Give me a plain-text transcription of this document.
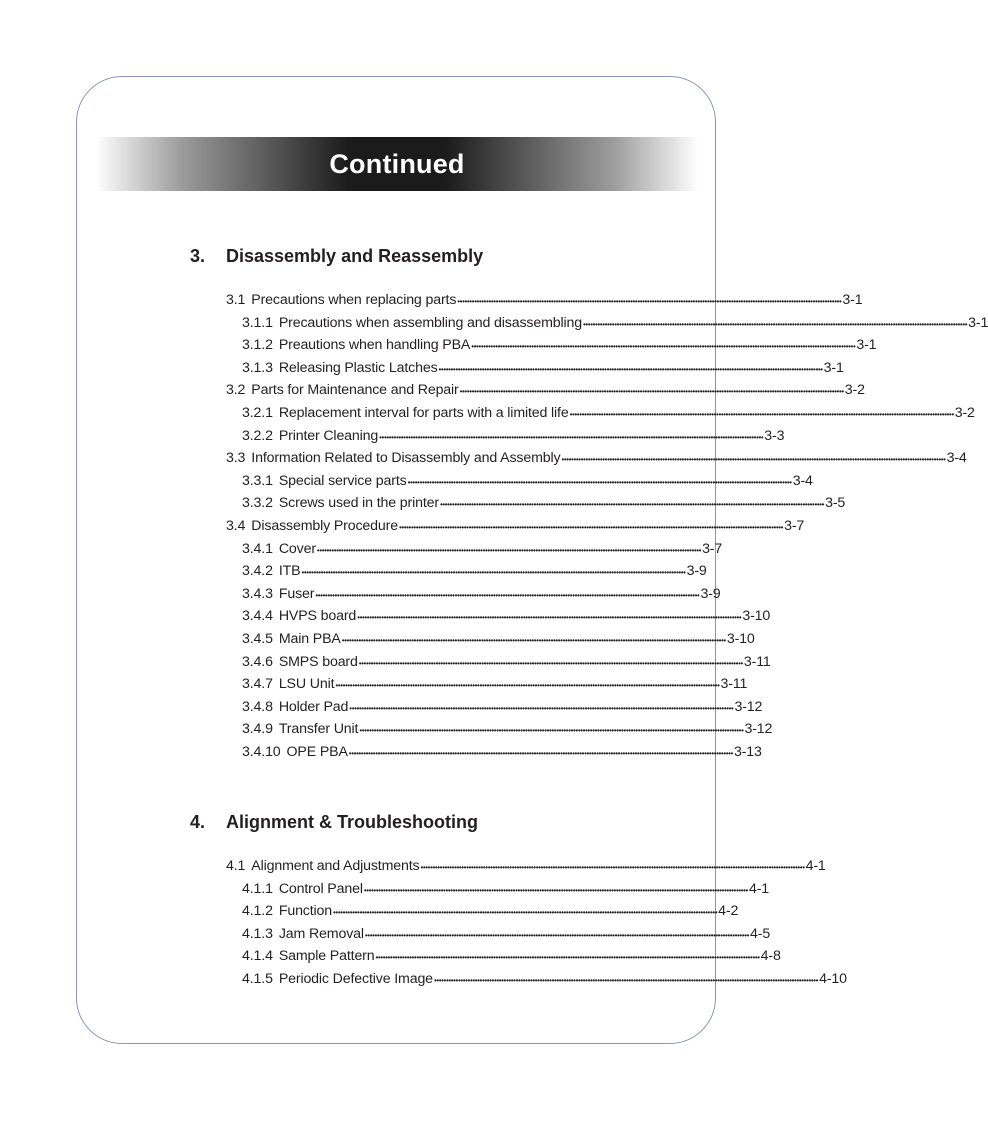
Continued
3.	Disassembly and Reassembly
3.1 Precautions when replacing parts •••••••••••••••••••••••••••••••••••••••••••••••••••••••••••••••••••••••••••••••••••••••••••••••••••••••••••••••••••••••••••••••••••••••••••••••••••••••••••••••• 3-1
3.1.1 Precautions when assembling and disassembling •••••••••••••••••••••••••••••••••••••••••••••••••••••••••••••••••••••••••••••••••••••••••••••••••••••••••••••••••••••••••••••••••••••••••••••••••••••••••••••••• 3-1
3.1.2 Preautions when handling PBA •••••••••••••••••••••••••••••••••••••••••••••••••••••••••••••••••••••••••••••••••••••••••••••••••••••••••••••••••••••••••••••••••••••••••••••••••••••••••••••••• 3-1
3.1.3 Releasing Plastic Latches •••••••••••••••••••••••••••••••••••••••••••••••••••••••••••••••••••••••••••••••••••••••••••••••••••••••••••••••••••••••••••••••••••••••••••••••••••••••••••••••• 3-1
3.2 Parts for Maintenance and Repair •••••••••••••••••••••••••••••••••••••••••••••••••••••••••••••••••••••••••••••••••••••••••••••••••••••••••••••••••••••••••••••••••••••••••••••••••••••••••••••••• 3-2
3.2.1 Replacement interval for parts with a limited life •••••••••••••••••••••••••••••••••••••••••••••••••••••••••••••••••••••••••••••••••••••••••••••••••••••••••••••••••••••••••••••••••••••••••••••••••••••••••••••••• 3-2
3.2.2 Printer Cleaning •••••••••••••••••••••••••••••••••••••••••••••••••••••••••••••••••••••••••••••••••••••••••••••••••••••••••••••••••••••••••••••••••••••••••••••••••••••••••••••••• 3-3
3.3 Information Related to Disassembly and Assembly •••••••••••••••••••••••••••••••••••••••••••••••••••••••••••••••••••••••••••••••••••••••••••••••••••••••••••••••••••••••••••••••••••••••••••••••••••••••••••••••• 3-4
3.3.1 Special service parts •••••••••••••••••••••••••••••••••••••••••••••••••••••••••••••••••••••••••••••••••••••••••••••••••••••••••••••••••••••••••••••••••••••••••••••••••••••••••••••••• 3-4
3.3.2 Screws used in the printer •••••••••••••••••••••••••••••••••••••••••••••••••••••••••••••••••••••••••••••••••••••••••••••••••••••••••••••••••••••••••••••••••••••••••••••••••••••••••••••••• 3-5
3.4 Disassembly Procedure •••••••••••••••••••••••••••••••••••••••••••••••••••••••••••••••••••••••••••••••••••••••••••••••••••••••••••••••••••••••••••••••••••••••••••••••••••••••••••••••• 3-7
3.4.1 Cover •••••••••••••••••••••••••••••••••••••••••••••••••••••••••••••••••••••••••••••••••••••••••••••••••••••••••••••••••••••••••••••••••••••••••••••••••••••••••••••••• 3-7
3.4.2 ITB •••••••••••••••••••••••••••••••••••••••••••••••••••••••••••••••••••••••••••••••••••••••••••••••••••••••••••••••••••••••••••••••••••••••••••••••••••••••••••••••• 3-9
3.4.3 Fuser •••••••••••••••••••••••••••••••••••••••••••••••••••••••••••••••••••••••••••••••••••••••••••••••••••••••••••••••••••••••••••••••••••••••••••••••••••••••••••••••• 3-9
3.4.4 HVPS board •••••••••••••••••••••••••••••••••••••••••••••••••••••••••••••••••••••••••••••••••••••••••••••••••••••••••••••••••••••••••••••••••••••••••••••••••••••••••••••••• 3-10
3.4.5 Main PBA •••••••••••••••••••••••••••••••••••••••••••••••••••••••••••••••••••••••••••••••••••••••••••••••••••••••••••••••••••••••••••••••••••••••••••••••••••••••••••••••• 3-10
3.4.6 SMPS board •••••••••••••••••••••••••••••••••••••••••••••••••••••••••••••••••••••••••••••••••••••••••••••••••••••••••••••••••••••••••••••••••••••••••••••••••••••••••••••••• 3-11
3.4.7 LSU Unit •••••••••••••••••••••••••••••••••••••••••••••••••••••••••••••••••••••••••••••••••••••••••••••••••••••••••••••••••••••••••••••••••••••••••••••••••••••••••••••••• 3-11
3.4.8 Holder Pad •••••••••••••••••••••••••••••••••••••••••••••••••••••••••••••••••••••••••••••••••••••••••••••••••••••••••••••••••••••••••••••••••••••••••••••••••••••••••••••••• 3-12
3.4.9 Transfer Unit •••••••••••••••••••••••••••••••••••••••••••••••••••••••••••••••••••••••••••••••••••••••••••••••••••••••••••••••••••••••••••••••••••••••••••••••••••••••••••••••• 3-12
3.4.10 OPE PBA •••••••••••••••••••••••••••••••••••••••••••••••••••••••••••••••••••••••••••••••••••••••••••••••••••••••••••••••••••••••••••••••••••••••••••••••••••••••••••••••• 3-13
4.	Alignment & Troubleshooting
4.1 Alignment and Adjustments •••••••••••••••••••••••••••••••••••••••••••••••••••••••••••••••••••••••••••••••••••••••••••••••••••••••••••••••••••••••••••••••••••••••••••••••••••••••••••••••• 4-1
4.1.1 Control Panel •••••••••••••••••••••••••••••••••••••••••••••••••••••••••••••••••••••••••••••••••••••••••••••••••••••••••••••••••••••••••••••••••••••••••••••••••••••••••••••••• 4-1
4.1.2 Function •••••••••••••••••••••••••••••••••••••••••••••••••••••••••••••••••••••••••••••••••••••••••••••••••••••••••••••••••••••••••••••••••••••••••••••••••••••••••••••••• 4-2
4.1.3 Jam Removal •••••••••••••••••••••••••••••••••••••••••••••••••••••••••••••••••••••••••••••••••••••••••••••••••••••••••••••••••••••••••••••••••••••••••••••••••••••••••••••••• 4-5
4.1.4 Sample Pattern •••••••••••••••••••••••••••••••••••••••••••••••••••••••••••••••••••••••••••••••••••••••••••••••••••••••••••••••••••••••••••••••••••••••••••••••••••••••••••••••• 4-8
4.1.5 Periodic Defective Image •••••••••••••••••••••••••••••••••••••••••••••••••••••••••••••••••••••••••••••••••••••••••••••••••••••••••••••••••••••••••••••••••••••••••••••••••••••••••••••••• 4-10
